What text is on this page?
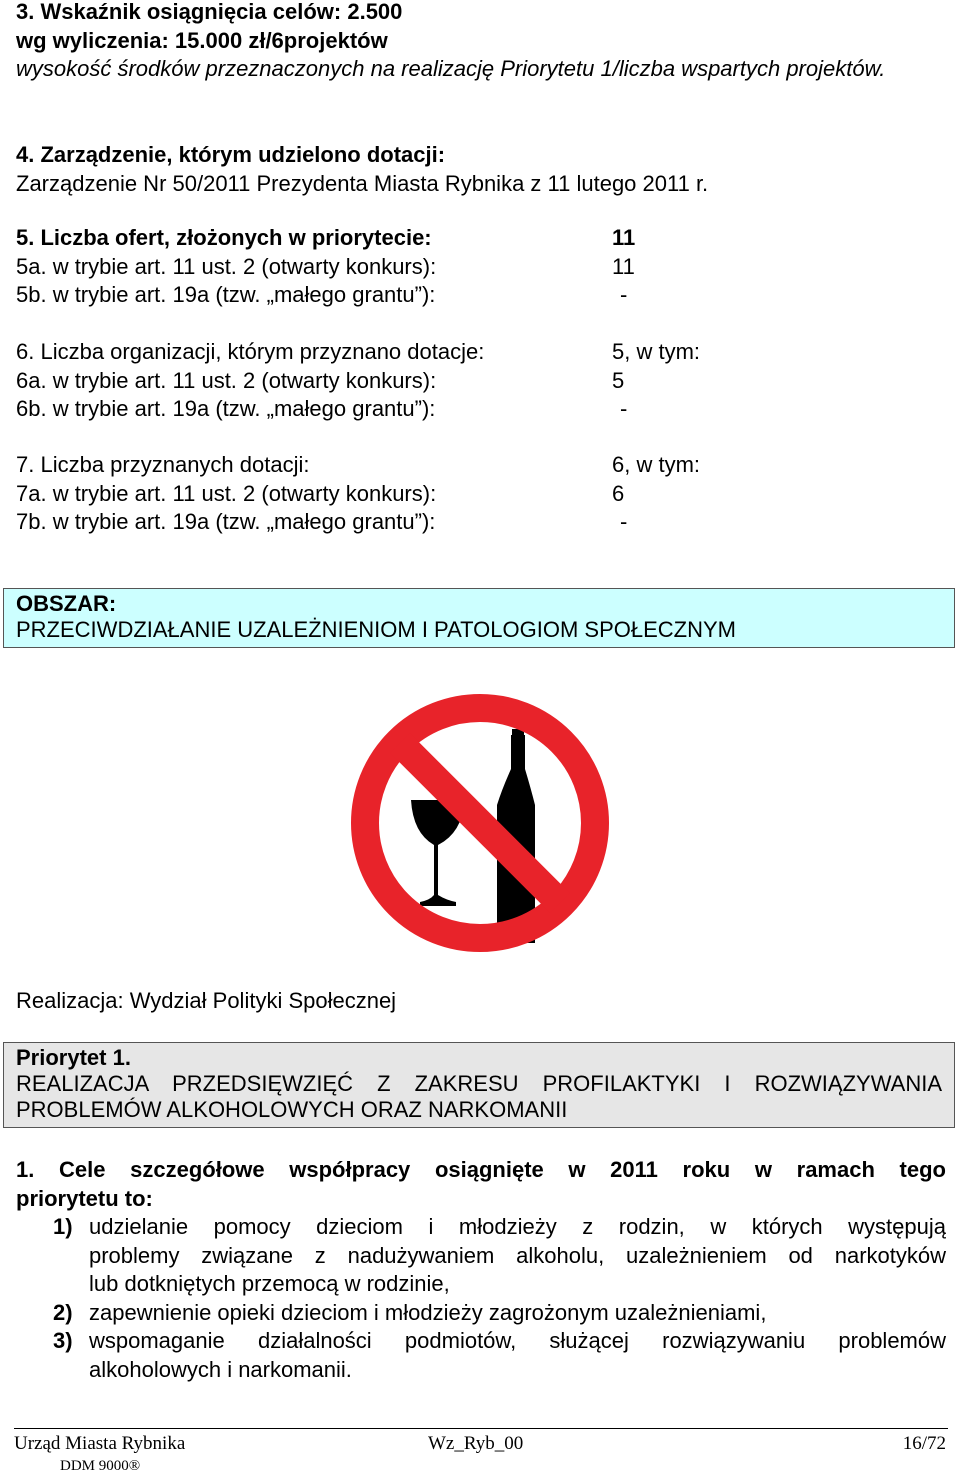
3. Wskaźnik osiągnięcia celów: 2.500
wg wyliczenia: 15.000 zł/6projektów
wysokość środków przeznaczonych na realizację Priorytetu 1/liczba wspartych projektów.
4. Zarządzenie, którym udzielono dotacji:
Zarządzenie Nr 50/2011 Prezydenta Miasta Rybnika z 11 lutego 2011 r.
5. Liczba ofert, złożonych w priorytecie:	11
5a. w trybie art. 11 ust. 2 (otwarty konkurs):	11
5b. w trybie art. 19a (tzw. „małego grantu”):	-
6. Liczba organizacji, którym przyznano dotacje:	5, w tym:
6a. w trybie art. 11 ust. 2 (otwarty konkurs):	5
6b. w trybie art. 19a (tzw. „małego grantu”):	-
7. Liczba przyznanych dotacji:	6, w tym:
7a. w trybie art. 11 ust. 2 (otwarty konkurs):	6
7b. w trybie art. 19a (tzw. „małego grantu”):	-
OBSZAR:
PRZECIWDZIAŁANIE UZALEŻNIENIOM I PATOLOGIOM SPOŁECZNYM
Realizacja: Wydział Polityki Społecznej
Priorytet 1.
REALIZACJA PRZEDSIĘWZIĘĆ Z ZAKRESU PROFILAKTYKI I ROZWIĄZYWANIA
PROBLEMÓW ALKOHOLOWYCH ORAZ NARKOMANII
1. Cele szczegółowe współpracy osiągnięte w 2011 roku w ramach tego
priorytetu to:
1) udzielanie pomocy dzieciom i młodzieży z rodzin, w których występują
problemy związane z nadużywaniem alkoholu, uzależnieniem od narkotyków
lub dotkniętych przemocą w rodzinie,
2) zapewnienie opieki dzieciom i młodzieży zagrożonym uzależnieniami,
3) wspomaganie działalności podmiotów, służącej rozwiązywaniu problemów
alkoholowych i narkomanii.
Urząd Miasta Rybnika	Wz_Ryb_00	16/72
DDM 9000®
